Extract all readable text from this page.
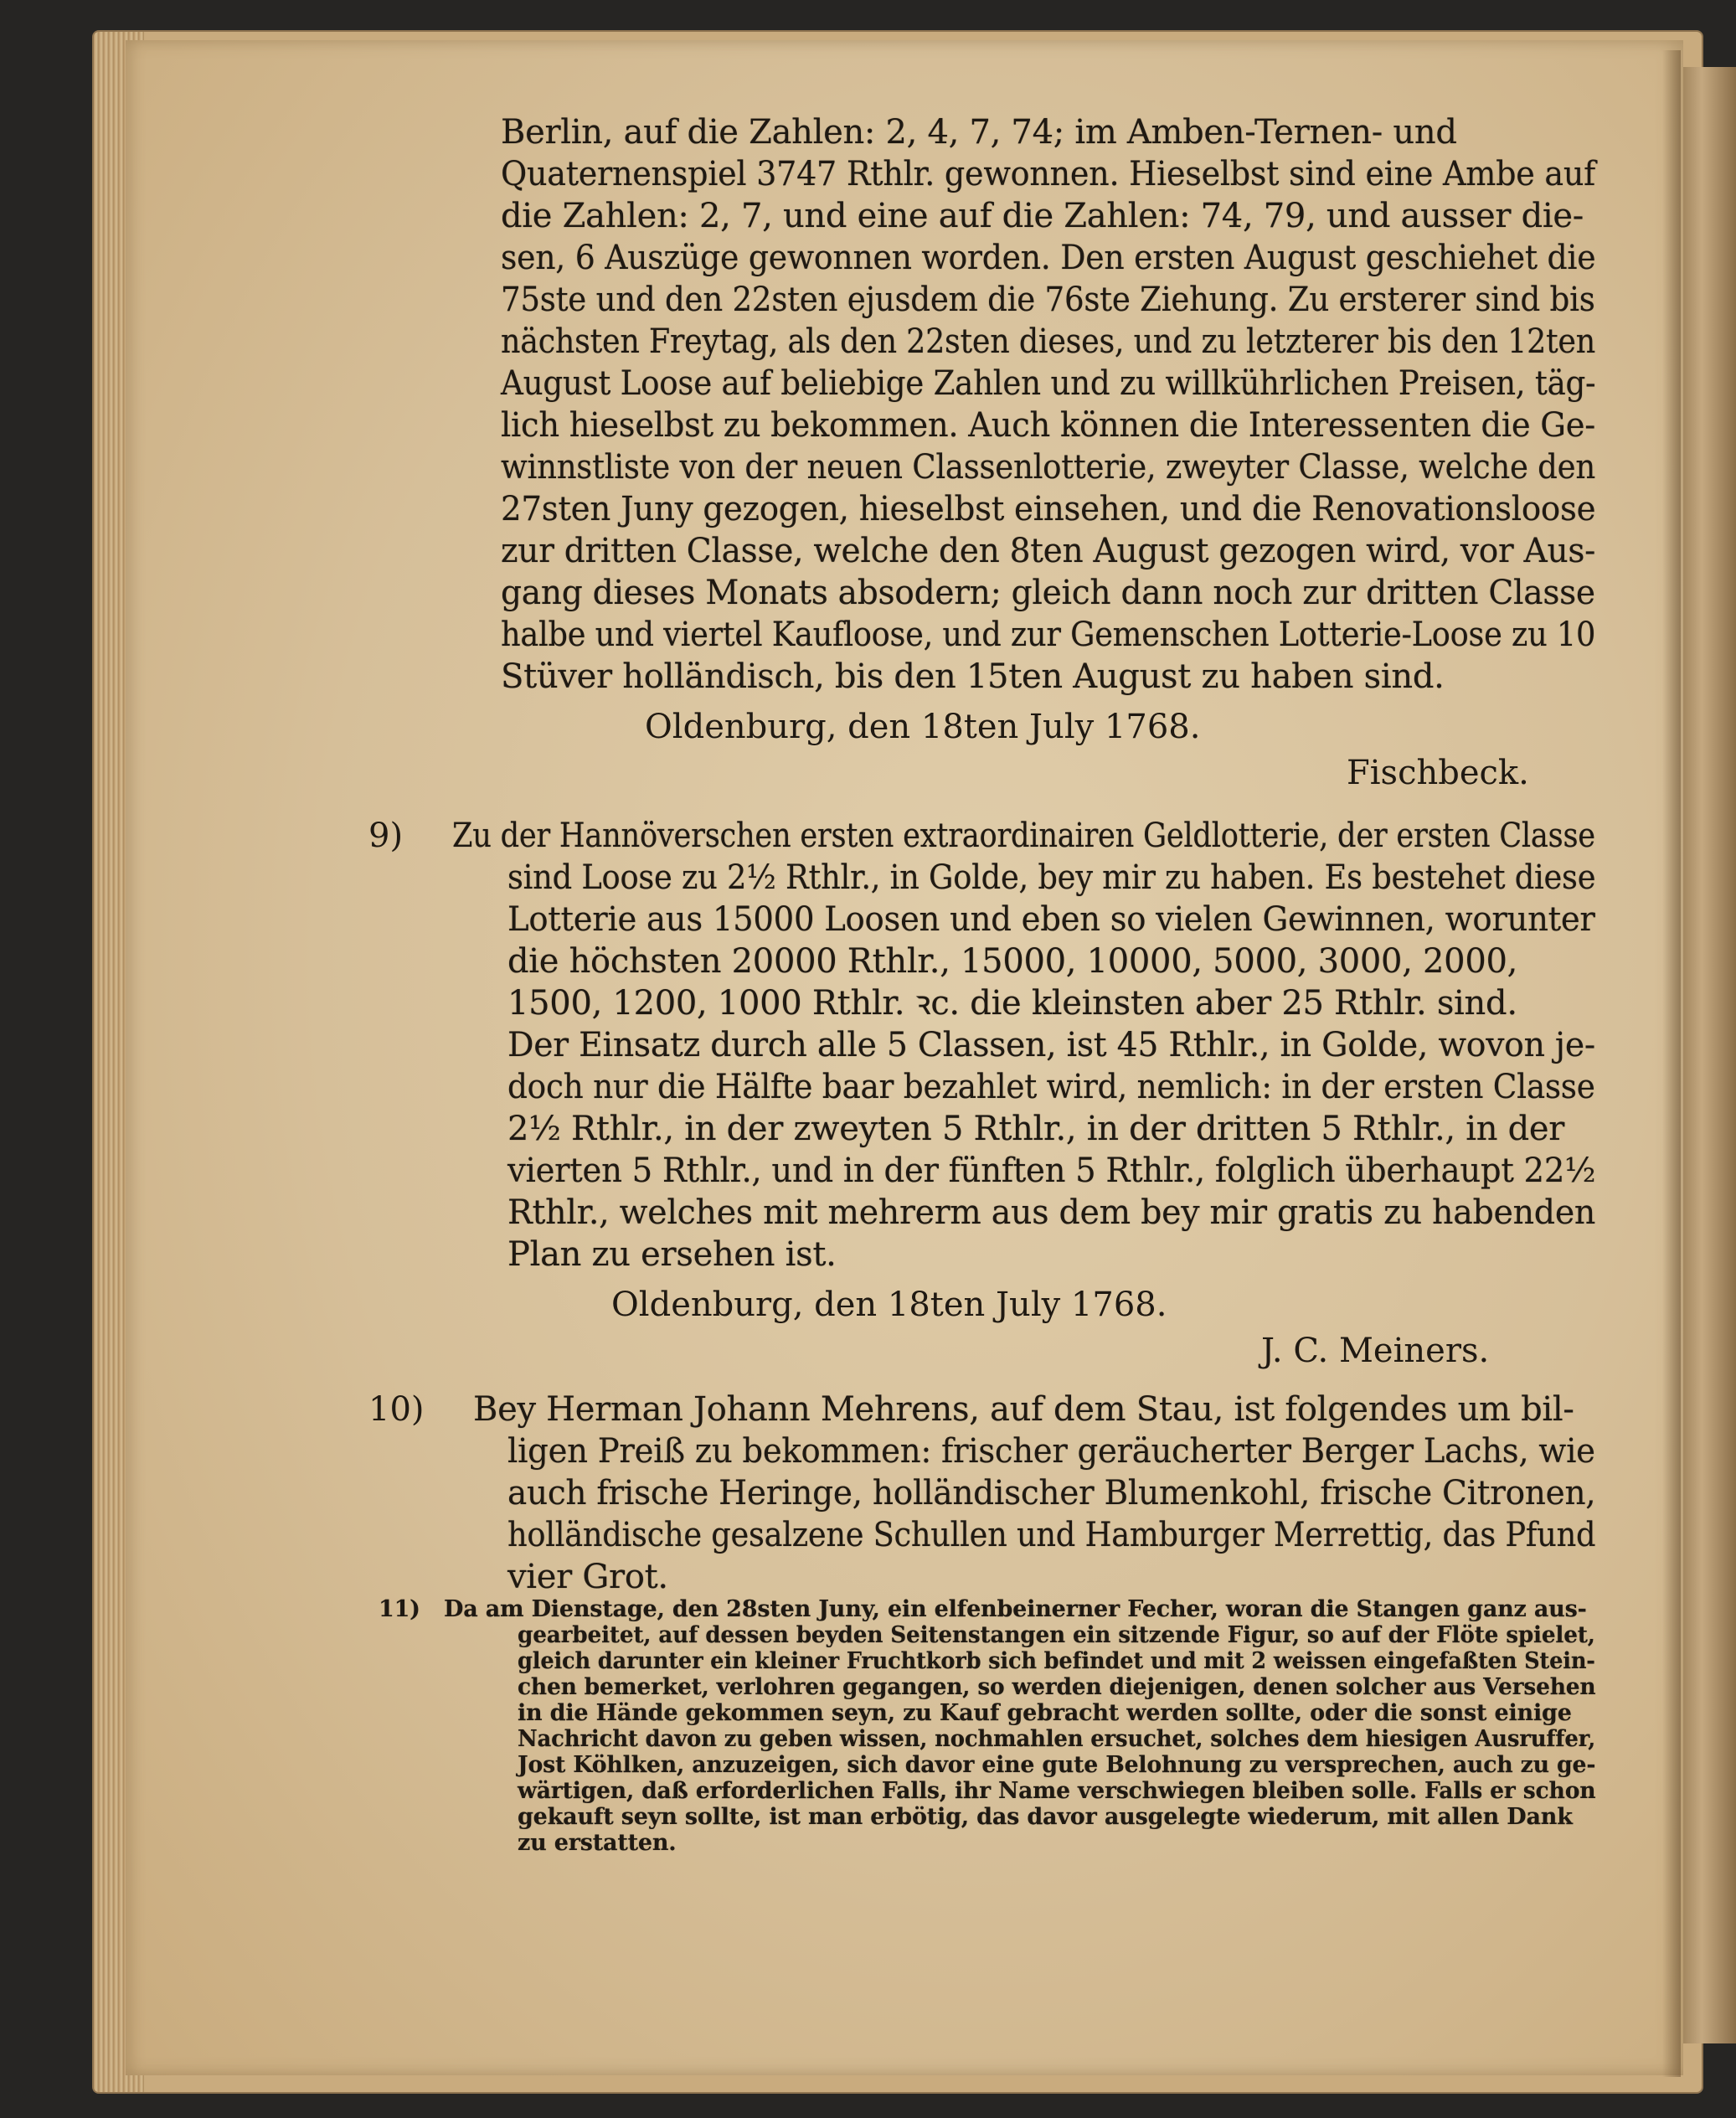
Berlin, auf die Zahlen: 2, 4, 7, 74; im Amben-Ternen- und
Quaternenspiel 3747 Rthlr. gewonnen. Hieselbst sind eine Ambe auf
die Zahlen: 2, 7, und eine auf die Zahlen: 74, 79, und ausser die-
sen, 6 Auszüge gewonnen worden. Den ersten August geschiehet die
75ste und den 22sten ejusdem die 76ste Ziehung. Zu ersterer sind bis
nächsten Freytag, als den 22sten dieses, und zu letzterer bis den 12ten
August Loose auf beliebige Zahlen und zu willkührlichen Preisen, täg-
lich hieselbst zu bekommen. Auch können die Interessenten die Ge-
winnstliste von der neuen Classenlotterie, zweyter Classe, welche den
27sten Juny gezogen, hieselbst einsehen, und die Renovationsloose
zur dritten Classe, welche den 8ten August gezogen wird, vor Aus-
gang dieses Monats absodern; gleich dann noch zur dritten Classe
halbe und viertel Kaufloose, und zur Gemenschen Lotterie-Loose zu 10
Stüver holländisch, bis den 15ten August zu haben sind.
Oldenburg, den 18ten July 1768.
Fischbeck.
9) Zu der Hannöverschen ersten extraordinairen Geldlotterie, der ersten Classe
sind Loose zu 2½ Rthlr., in Golde, bey mir zu haben. Es bestehet diese
Lotterie aus 15000 Loosen und eben so vielen Gewinnen, worunter
die höchsten 20000 Rthlr., 15000, 10000, 5000, 3000, 2000,
1500, 1200, 1000 Rthlr. ꝛc. die kleinsten aber 25 Rthlr. sind.
Der Einsatz durch alle 5 Classen, ist 45 Rthlr., in Golde, wovon je-
doch nur die Hälfte baar bezahlet wird, nemlich: in der ersten Classe
2½ Rthlr., in der zweyten 5 Rthlr., in der dritten 5 Rthlr., in der
vierten 5 Rthlr., und in der fünften 5 Rthlr., folglich überhaupt 22½
Rthlr., welches mit mehrerm aus dem bey mir gratis zu habenden
Plan zu ersehen ist.
Oldenburg, den 18ten July 1768.
J. C. Meiners.
10) Bey Herman Johann Mehrens, auf dem Stau, ist folgendes um bil-
ligen Preiß zu bekommen: frischer geräucherter Berger Lachs, wie
auch frische Heringe, holländischer Blumenkohl, frische Citronen,
holländische gesalzene Schullen und Hamburger Merrettig, das Pfund
vier Grot.
11) Da am Dienstage, den 28sten Juny, ein elfenbeinerner Fecher, woran die Stangen ganz aus-
gearbeitet, auf dessen beyden Seitenstangen ein sitzende Figur, so auf der Flöte spielet,
gleich darunter ein kleiner Fruchtkorb sich befindet und mit 2 weissen eingefaßten Stein-
chen bemerket, verlohren gegangen, so werden diejenigen, denen solcher aus Versehen
in die Hände gekommen seyn, zu Kauf gebracht werden sollte, oder die sonst einige
Nachricht davon zu geben wissen, nochmahlen ersuchet, solches dem hiesigen Ausruffer,
Jost Köhlken, anzuzeigen, sich davor eine gute Belohnung zu versprechen, auch zu ge-
wärtigen, daß erforderlichen Falls, ihr Name verschwiegen bleiben solle. Falls er schon
gekauft seyn sollte, ist man erbötig, das davor ausgelegte wiederum, mit allen Dank
zu erstatten.
